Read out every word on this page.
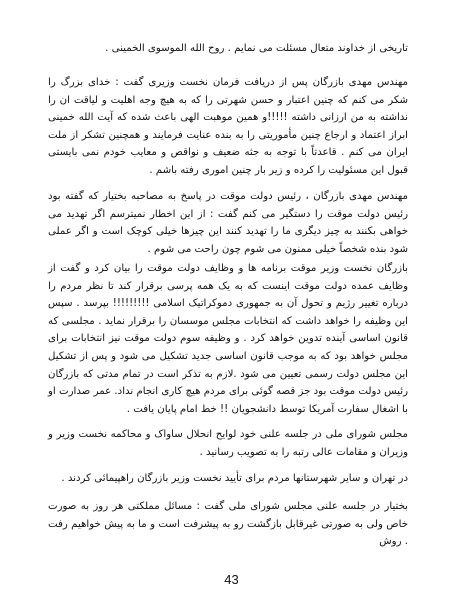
تاریخی از خداوند متعال مسئلت می نمایم . روح الله الموسوی الخمینی .

مهندس مهدی بازرگان پس از دریافت فرمان نخست وزیری گفت : خدای بزرگ را شکر می کنم که چنین اعتبار و حسن شهرتی را که به هیچ وجه اهلیت و لیاقت ان را نداشته به من ارزانی داشته !!!!!و همین موهبت الهی باعث شده که آیت الله خمینی ابراز اعتماد و ارجاع چنین مأموریتی را به بنده عنایت فرمایند و همچنین تشکر از ملت ایران می کنم . قاعدتاً با توجه به جثه ضعیف و نواقص و معایب خودم نمی بایستی قبول این مسئولیت را کرده و زیر بار چنین اموری رفته باشم .

مهندس مهدی بازرگان ، رئیس دولت موقت در پاسخ به مصاحبه بختیار که گفته بود رئیس دولت موقت را دستگیر می کنم گفت : از این اخطار نمیترسم اگر تهدید می خواهی بکنند به چیز دیگری ما را تهدید کنند این چیزها خیلی کوچک است و اگر عملی شود بنده شخصاً خیلی ممنون می شوم چون راحت می شوم .

بازرگان نخست وزیر موقت برنامه ها و وظایف دولت موقت را بیان کرد و گفت از وظایف عمده دولت موقت اینست که به یک همه پرسی برقرار کند تا نظر مردم را درباره تغییر رژیم و تحول آن به جمهوری دموکراتیک اسلامی !!!!!!!!! بپرسد . سپس این وظیفه را خواهد داشت که انتخابات مجلس موسسان را برقرار نماید . مجلسی که قانون اساسی آینده تدوین خواهد کرد . و وظیفه سوم دولت موقت نیز انتخابات برای مجلس خواهد بود که به موجب قانون اساسی جدید تشکیل می شود و پس از تشکیل این مجلس دولت رسمی تعیین می شود .لازم به تذکر است در تمام مدتی که بازرگان رئیس دولت موقت بود جز قصه گوئی برای مردم هیچ کاری انجام نداد. عمر صدارت او با اشغال سفارت آمریکا توسط دانشجویان !! خط امام پایان یافت .

مجلس شورای ملی در جلسه علنی خود لوایح انحلال ساواک و محاکمه نخست وزیر و وزیران و مقامات عالی رتبه را به تصویب رسانید .

در تهران و سایر شهرستانها مردم برای تأیید نخست وزیر بازرگان راهپیمائی کردند .

بختیار در جلسه علنی مجلس شورای ملی گفت : مسائل مملکتی هر روز به صورت خاص ولی به صورتی غیرقابل بازگشت رو به پیشرفت است و ما به پیش خواهیم رفت . روش

43
